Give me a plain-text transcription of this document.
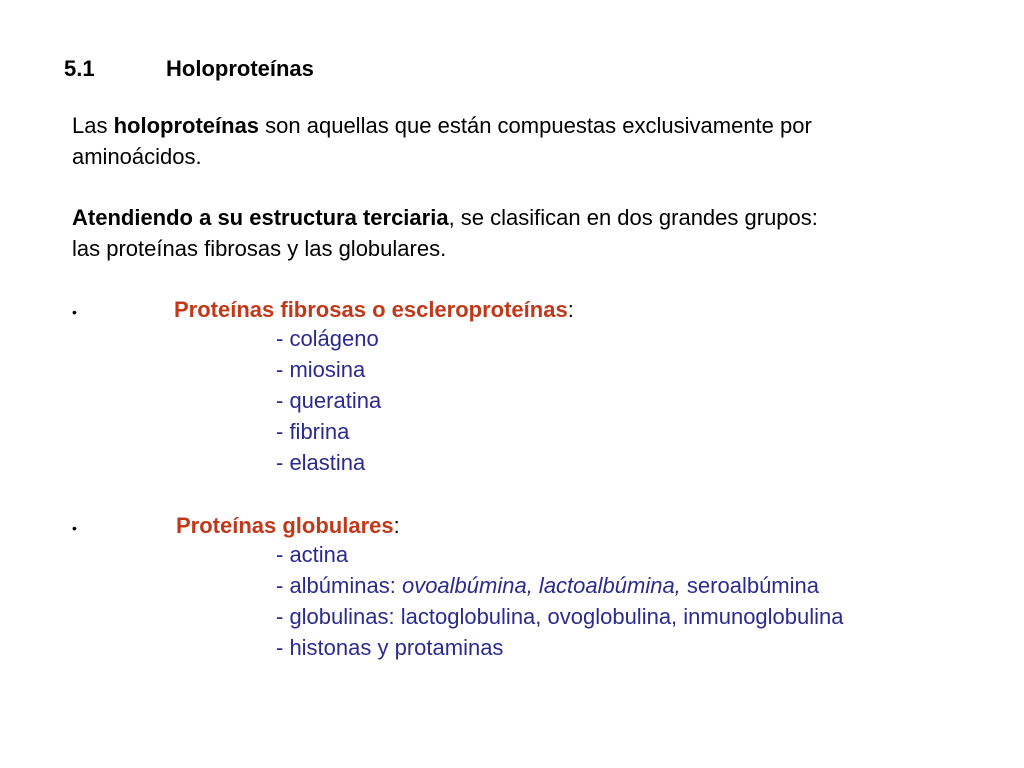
5.1	Holoproteínas
Las holoproteínas son aquellas que están compuestas exclusivamente por
aminoácidos.
Atendiendo a su estructura terciaria, se clasifican en dos grandes grupos:
las proteínas fibrosas y las globulares.
•	Proteínas fibrosas o escleroproteínas:
- colágeno
- miosina
- queratina
- fibrina
- elastina
•	Proteínas globulares:
- actina
- albúminas: ovoalbúmina, lactoalbúmina, seroalbúmina
- globulinas: lactoglobulina, ovoglobulina, inmunoglobulina
- histonas y protaminas
